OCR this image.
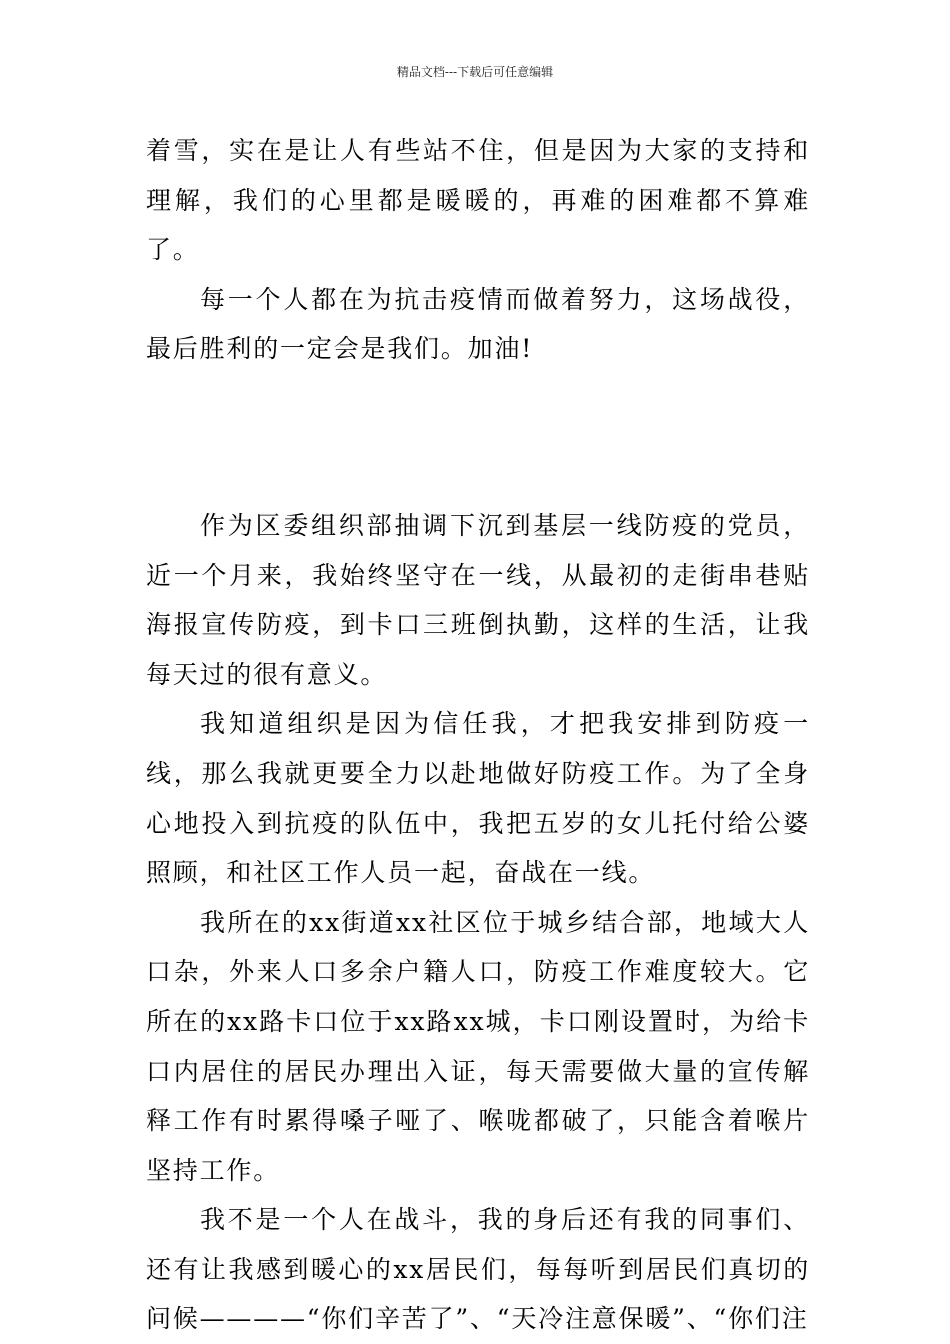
精品文档---下载后可任意编辑

着雪，实在是让人有些站不住，但是因为大家的支持和理解，我们的心里都是暖暖的，再难的困难都不算难了。

每一个人都在为抗击疫情而做着努力，这场战役，最后胜利的一定会是我们。加油!

作为区委组织部抽调下沉到基层一线防疫的党员，近一个月来，我始终坚守在一线，从最初的走街串巷贴海报宣传防疫，到卡口三班倒执勤，这样的生活，让我每天过的很有意义。

我知道组织是因为信任我，才把我安排到防疫一线，那么我就更要全力以赴地做好防疫工作。为了全身心地投入到抗疫的队伍中，我把五岁的女儿托付给公婆照顾，和社区工作人员一起，奋战在一线。

我所在的xx街道xx社区位于城乡结合部，地域大人口杂，外来人口多余户籍人口，防疫工作难度较大。它所在的xx路卡口位于xx路xx城，卡口刚设置时，为给卡口内居住的居民办理出入证，每天需要做大量的宣传解释工作有时累得嗓子哑了、喉咙都破了，只能含着喉片坚持工作。

我不是一个人在战斗，我的身后还有我的同事们、还有让我感到暖心的xx居民们，每每听到居民们真切的问候————“你们辛苦了”、“天冷注意保暖”、“你们注
